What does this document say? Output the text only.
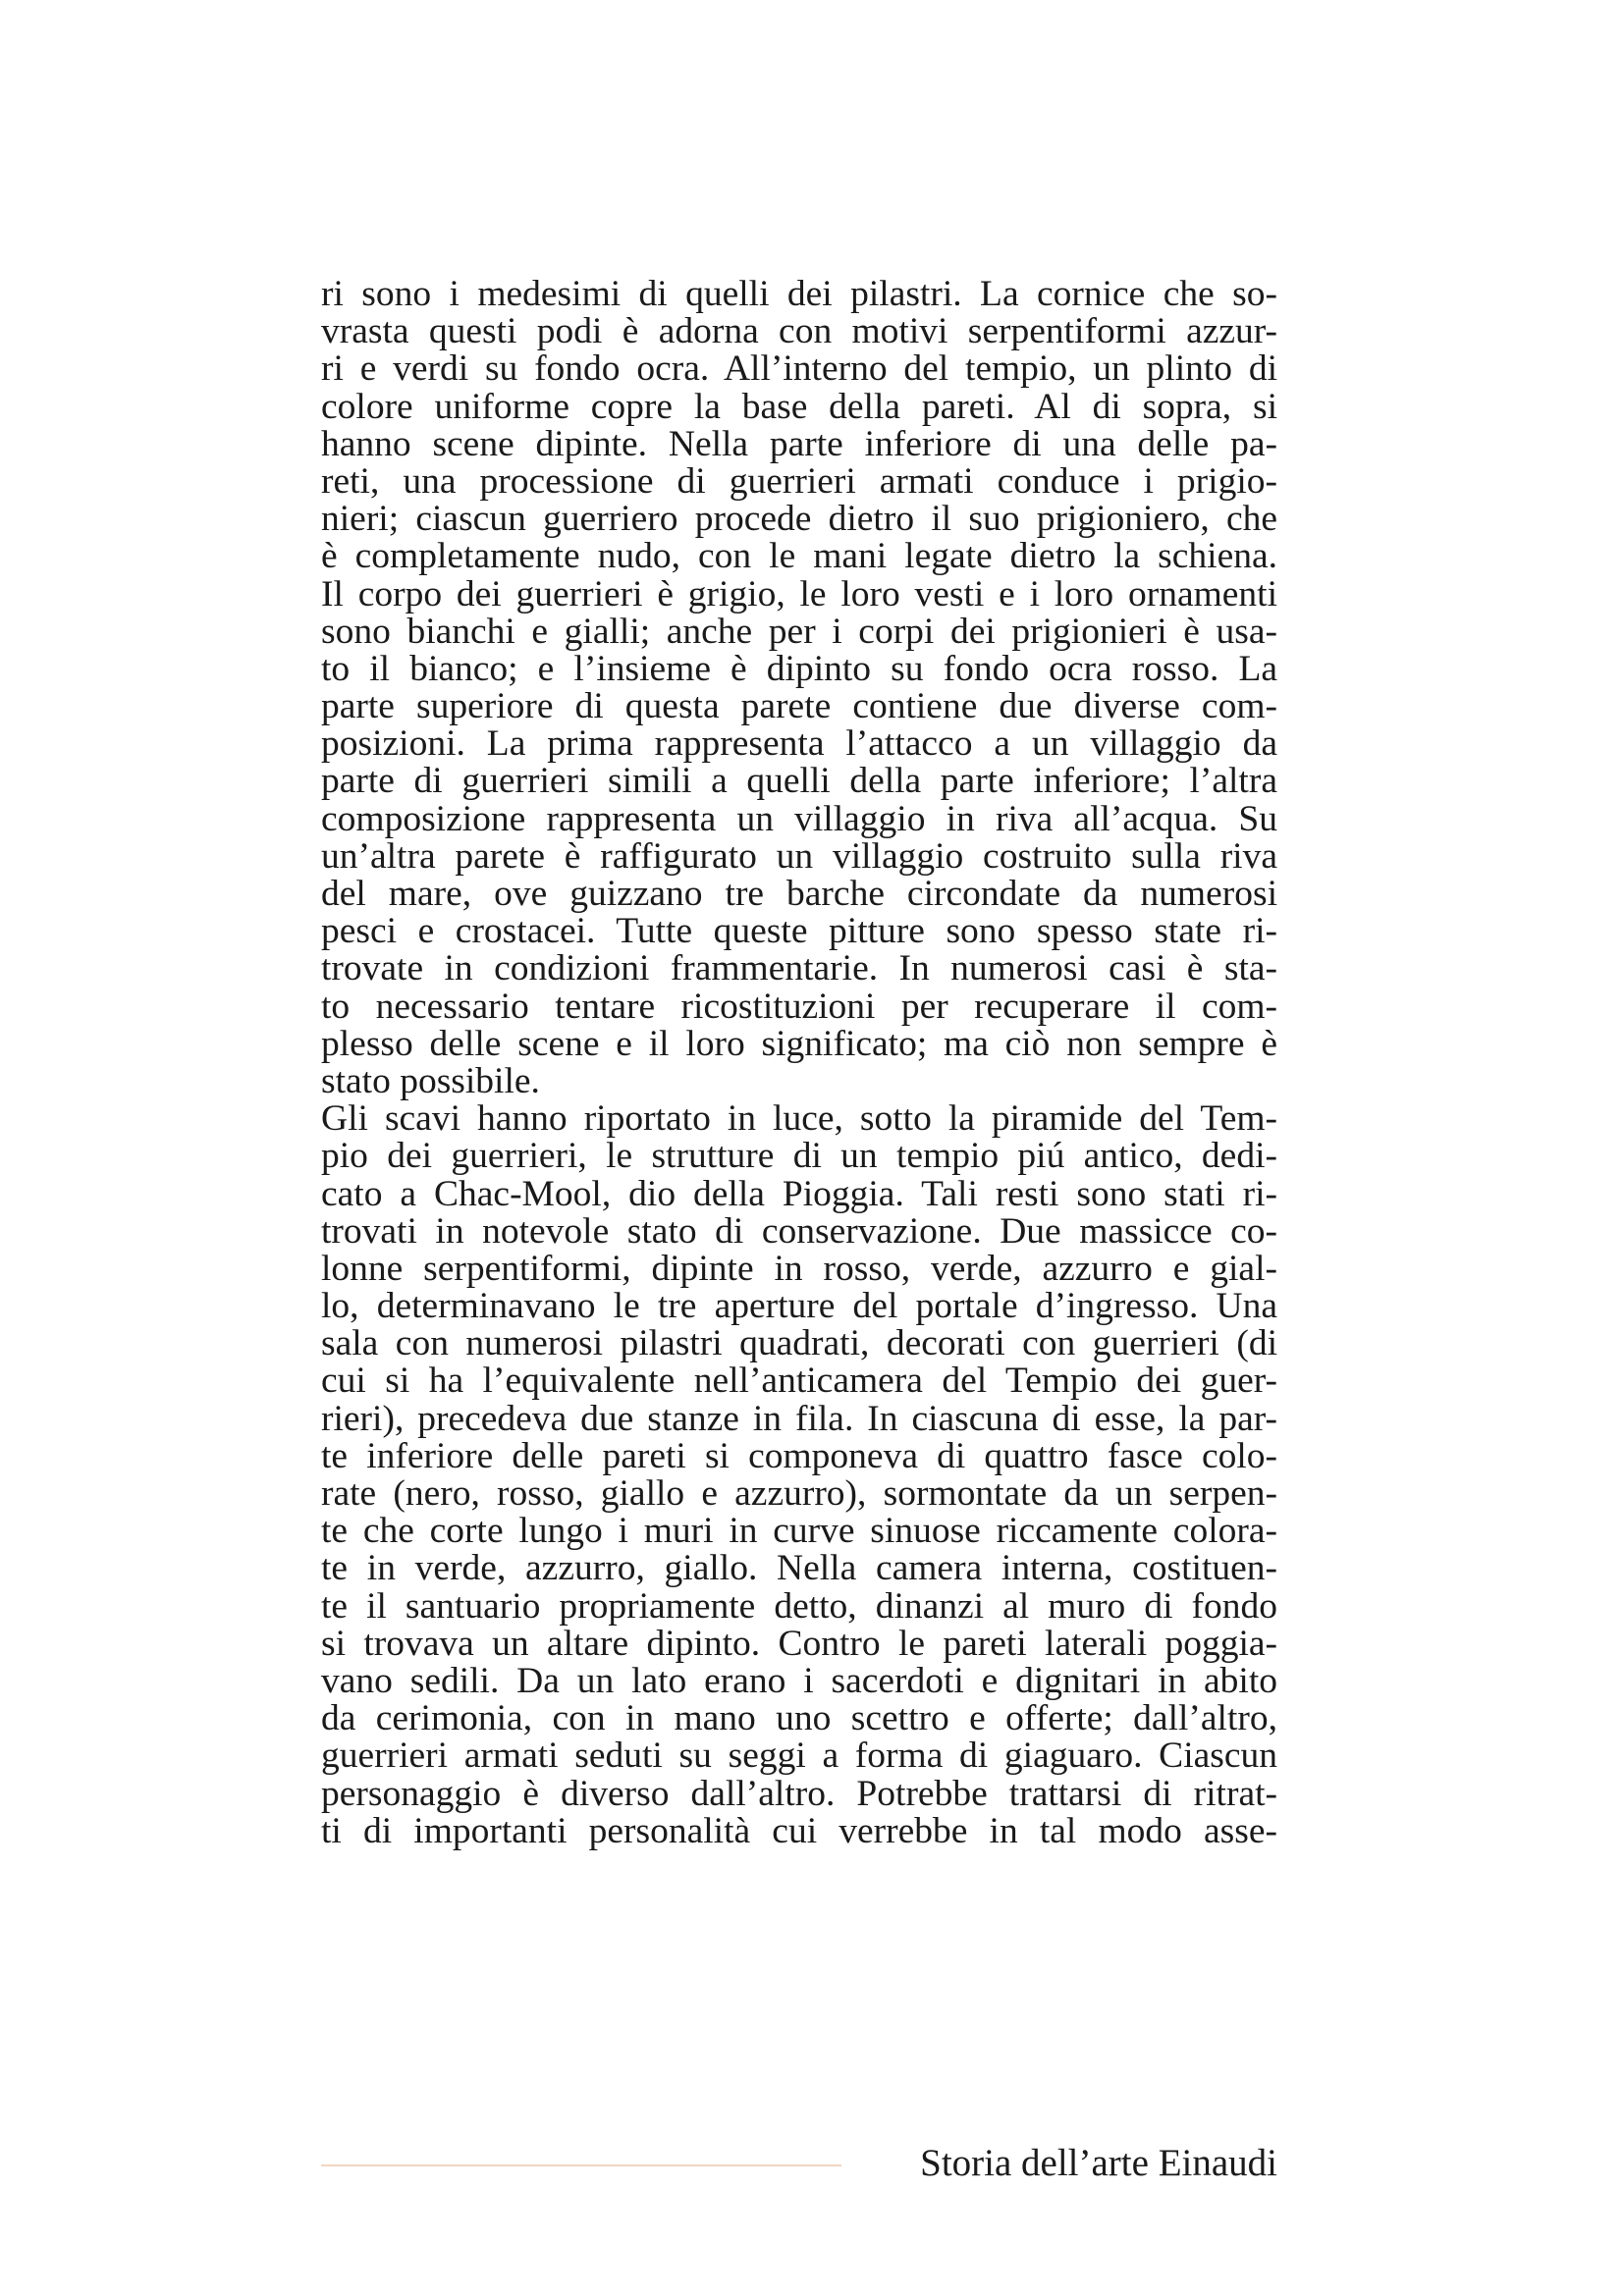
ri sono i medesimi di quelli dei pilastri. La cornice che so-
vrasta questi podi è adorna con motivi serpentiformi azzur-
ri e verdi su fondo ocra. All’interno del tempio, un plinto di
colore uniforme copre la base della pareti. Al di sopra, si
hanno scene dipinte. Nella parte inferiore di una delle pa-
reti, una processione di guerrieri armati conduce i prigio-
nieri; ciascun guerriero procede dietro il suo prigioniero, che
è completamente nudo, con le mani legate dietro la schiena.
Il corpo dei guerrieri è grigio, le loro vesti e i loro ornamenti
sono bianchi e gialli; anche per i corpi dei prigionieri è usa-
to il bianco; e l’insieme è dipinto su fondo ocra rosso. La
parte superiore di questa parete contiene due diverse com-
posizioni. La prima rappresenta l’attacco a un villaggio da
parte di guerrieri simili a quelli della parte inferiore; l’altra
composizione rappresenta un villaggio in riva all’acqua. Su
un’altra parete è raffigurato un villaggio costruito sulla riva
del mare, ove guizzano tre barche circondate da numerosi
pesci e crostacei. Tutte queste pitture sono spesso state ri-
trovate in condizioni frammentarie. In numerosi casi è sta-
to necessario tentare ricostituzioni per recuperare il com-
plesso delle scene e il loro significato; ma ciò non sempre è
stato possibile.
Gli scavi hanno riportato in luce, sotto la piramide del Tem-
pio dei guerrieri, le strutture di un tempio piú antico, dedi-
cato a Chac-Mool, dio della Pioggia. Tali resti sono stati ri-
trovati in notevole stato di conservazione. Due massicce co-
lonne serpentiformi, dipinte in rosso, verde, azzurro e gial-
lo, determinavano le tre aperture del portale d’ingresso. Una
sala con numerosi pilastri quadrati, decorati con guerrieri (di
cui si ha l’equivalente nell’anticamera del Tempio dei guer-
rieri), precedeva due stanze in fila. In ciascuna di esse, la par-
te inferiore delle pareti si componeva di quattro fasce colo-
rate (nero, rosso, giallo e azzurro), sormontate da un serpen-
te che corte lungo i muri in curve sinuose riccamente colora-
te in verde, azzurro, giallo. Nella camera interna, costituen-
te il santuario propriamente detto, dinanzi al muro di fondo
si trovava un altare dipinto. Contro le pareti laterali poggia-
vano sedili. Da un lato erano i sacerdoti e dignitari in abito
da cerimonia, con in mano uno scettro e offerte; dall’altro,
guerrieri armati seduti su seggi a forma di giaguaro. Ciascun
personaggio è diverso dall’altro. Potrebbe trattarsi di ritrat-
ti di importanti personalità cui verrebbe in tal modo asse-
Storia dell’arte Einaudi
